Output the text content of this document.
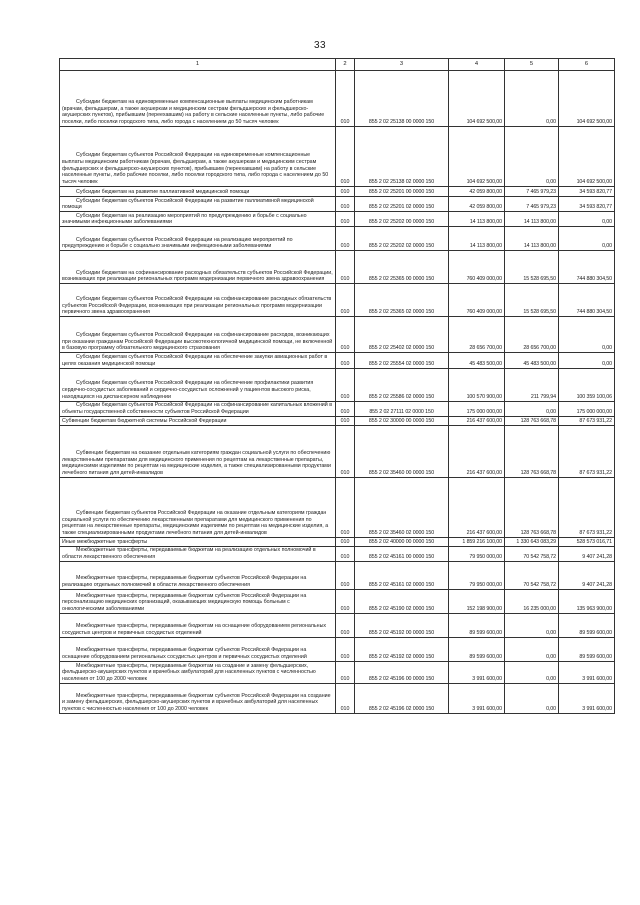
33
1	2	3	4	5	6
Субсидии бюджетам на единовременные компенсационные выплаты медицинским работникам (врачам, фельдшерам, а также акушеркам и медицинским сестрам фельдшерских и фельдшерско-акушерских пунктов), прибывшим (переехавшим) на работу в сельские населенные пункты, либо рабочие поселки, либо поселки городского типа, либо города с населением до 50 тысяч человек	010	855 2 02 25138 00 0000 150	104 692 500,00	0,00	104 692 500,00
Субсидии бюджетам субъектов Российской Федерации на единовременные компенсационные выплаты медицинским работникам (врачам, фельдшерам, а также акушеркам и медицинским сестрам фельдшерских и фельдшерско-акушерских пунктов), прибывшим (переехавшим) на работу в сельские населенные пункты, либо рабочие поселки, либо поселки городского типа, либо города с населением до 50 тысяч человек	010	855 2 02 25138 02 0000 150	104 692 500,00	0,00	104 692 500,00
Субсидии бюджетам на развитие паллиативной медицинской помощи	010	855 2 02 25201 00 0000 150	42 059 800,00	7 465 979,23	34 593 820,77
Субсидии бюджетам субъектов Российской Федерации на развитие паллиативной медицинской помощи	010	855 2 02 25201 02 0000 150	42 059 800,00	7 465 979,23	34 593 820,77
Субсидии бюджетам на реализацию мероприятий по предупреждению и борьбе с социально значимыми инфекционными заболеваниями	010	855 2 02 25202 00 0000 150	14 113 800,00	14 113 800,00	0,00
Субсидии бюджетам субъектов Российской Федерации на реализацию мероприятий по предупреждению и борьбе с социально значимыми инфекционными заболеваниями	010	855 2 02 25202 02 0000 150	14 113 800,00	14 113 800,00	0,00
Субсидии бюджетам на софинансирование расходных обязательств субъектов Российской Федерации, возникающих при реализации региональных программ модернизации первичного звена здравоохранения	010	855 2 02 25365 00 0000 150	760 409 000,00	15 528 695,50	744 880 304,50
Субсидии бюджетам субъектов Российской Федерации на софинансирование расходных обязательств субъектов Российской Федерации, возникающих при реализации региональных программ модернизации первичного звена здравоохранения	010	855 2 02 25365 02 0000 150	760 409 000,00	15 528 695,50	744 880 304,50
Субсидии бюджетам субъектов Российской Федерации на софинансирование расходов, возникающих при оказании гражданам Российской Федерации высокотехнологичной медицинской помощи, не включенной в базовую программу обязательного медицинского страхования	010	855 2 02 25402 02 0000 150	28 656 700,00	28 656 700,00	0,00
Субсидии бюджетам субъектов Российской Федерации на обеспечение закупки авиационных работ в целях оказания медицинской помощи	010	855 2 02 25554 02 0000 150	45 483 500,00	45 483 500,00	0,00
Субсидии бюджетам субъектов Российской Федерации на обеспечение профилактики развития сердечно-сосудистых заболеваний и сердечно-сосудистых осложнений у пациентов высокого риска, находящихся на диспансерном наблюдении	010	855 2 02 25586 02 0000 150	100 570 900,00	211 799,94	100 359 100,06
Субсидии бюджетам субъектов Российской Федерации на софинансирование капитальных вложений в объекты государственной собственности субъектов Российской Федерации	010	855 2 02 27111 02 0000 150	175 000 000,00	0,00	175 000 000,00
Субвенции бюджетам бюджетной системы Российской Федерации	010	855 2 02 30000 00 0000 150	216 437 600,00	128 763 668,78	87 673 931,22
Субвенции бюджетам на оказание отдельным категориям граждан социальной услуги по обеспечению лекарственными препаратами для медицинского применения по рецептам на лекарственные препараты, медицинскими изделиями по рецептам на медицинские изделия, а также специализированными продуктами лечебного питания для детей-инвалидов	010	855 2 02 35460 00 0000 150	216 437 600,00	128 763 668,78	87 673 931,22
Субвенции бюджетам субъектов Российской Федерации на оказание отдельным категориям граждан социальной услуги по обеспечению лекарственными препаратами для медицинского применения по рецептам на лекарственные препараты, медицинскими изделиями по рецептам на медицинские изделия, а также специализированными продуктами лечебного питания для детей-инвалидов	010	855 2 02 35460 02 0000 150	216 437 600,00	128 763 668,78	87 673 931,22
Иные межбюджетные трансферты	010	855 2 02 40000 00 0000 150	1 859 216 100,00	1 330 643 083,29	528 573 016,71
Межбюджетные трансферты, передаваемые бюджетам на реализацию отдельных полномочий в области лекарственного обеспечения	010	855 2 02 45161 00 0000 150	79 950 000,00	70 542 758,72	9 407 241,28
Межбюджетные трансферты, передаваемые бюджетам субъектов Российской Федерации на реализацию отдельных полномочий в области лекарственного обеспечения	010	855 2 02 45161 02 0000 150	79 950 000,00	70 542 758,72	9 407 241,28
Межбюджетные трансферты, передаваемые бюджетам субъектов Российской Федерации на персонализацию медицинских организаций, оказывающих медицинскую помощь больным с онкологическими заболеваниями	010	855 2 02 45190 02 0000 150	152 198 900,00	16 235 000,00	135 963 900,00
Межбюджетные трансферты, передаваемые бюджетам на оснащение оборудованием региональных сосудистых центров и первичных сосудистых отделений	010	855 2 02 45192 00 0000 150	89 599 600,00	0,00	89 599 600,00
Межбюджетные трансферты, передаваемые бюджетам субъектов Российской Федерации на оснащение оборудованием региональных сосудистых центров и первичных сосудистых отделений	010	855 2 02 45192 02 0000 150	89 599 600,00	0,00	89 599 600,00
Межбюджетные трансферты, передаваемые бюджетам на создание и замену фельдшерских, фельдшерско-акушерских пунктов и врачебных амбулаторий для населенных пунктов с численностью населения от 100 до 2000 человек	010	855 2 02 45196 00 0000 150	3 991 600,00	0,00	3 991 600,00
Межбюджетные трансферты, передаваемые бюджетам субъектов Российской Федерации на создание и замену фельдшерских, фельдшерско-акушерских пунктов и врачебных амбулаторий для населенных пунктов с численностью населения от 100 до 2000 человек	010	855 2 02 45196 02 0000 150	3 991 600,00	0,00	3 991 600,00
